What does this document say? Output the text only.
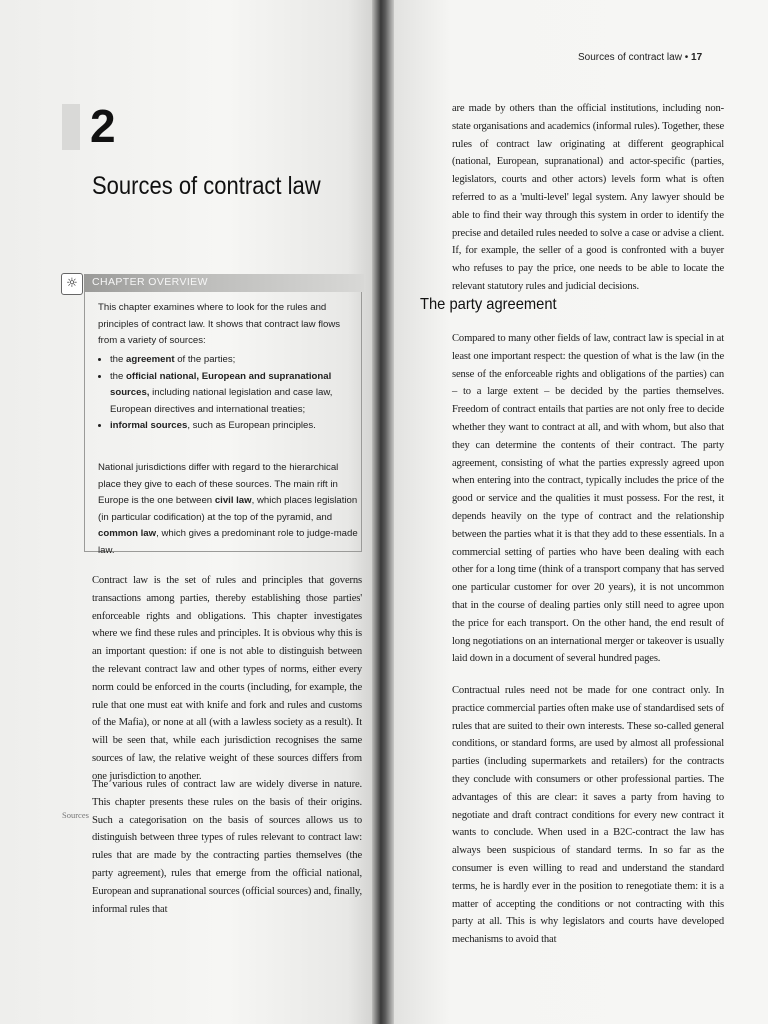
2
Sources of contract law
☼	CHAPTER OVERVIEW

This chapter examines where to look for the rules and principles of contract law. It shows that contract law flows from a variety of sources:

• the agreement of the parties;
• the official national, European and supranational sources, including national legislation and case law, European directives and international treaties;
• informal sources, such as European principles.

National jurisdictions differ with regard to the hierarchical place they give to each of these sources. The main rift in Europe is the one between civil law, which places legislation (in particular codification) at the top of the pyramid, and common law, which gives a predominant role to judge-made law.

Contract law is the set of rules and principles that governs transactions among parties, thereby establishing those parties' enforceable rights and obligations. This chapter investigates where we find these rules and principles. It is obvious why this is an important question: if one is not able to distinguish between the relevant contract law and other types of norms, either every norm could be enforced in the courts (including, for example, the rule that one must eat with knife and fork and rules and customs of the Mafia), or none at all (with a lawless society as a result). It will be seen that, while each jurisdiction recognises the same sources of law, the relative weight of these sources differs from one jurisdiction to another.

Sources

The various rules of contract law are widely diverse in nature. This chapter presents these rules on the basis of their origins. Such a categorisation on the basis of sources allows us to distinguish between three types of rules relevant to contract law: rules that are made by the contracting parties themselves (the party agreement), rules that emerge from the official national, European and supranational sources (official sources) and, finally, informal rules that

Sources of contract law • 17

are made by others than the official institutions, including non-state organisations and academics (informal rules). Together, these rules of contract law originating at different geographical (national, European, supranational) and actor-specific (parties, legislators, courts and other actors) levels form what is often referred to as a 'multi-level' legal system. Any lawyer should be able to find their way through this system in order to identify the precise and detailed rules needed to solve a case or advise a client. If, for example, the seller of a good is confronted with a buyer who refuses to pay the price, one needs to be able to locate the relevant statutory rules and judicial decisions.

The party agreement

Compared to many other fields of law, contract law is special in at least one important respect: the question of what is the law (in the sense of the enforceable rights and obligations of the parties) can – to a large extent – be decided by the parties themselves. Freedom of contract entails that parties are not only free to decide whether they want to contract at all, and with whom, but also that they can determine the contents of their contract. The party agreement, consisting of what the parties expressly agreed upon when entering into the contract, typically includes the price of the good or service and the qualities it must possess. For the rest, it depends heavily on the type of contract and the relationship between the parties what it is that they add to these essentials. In a commercial setting of parties who have been dealing with each other for a long time (think of a transport company that has served one particular customer for over 20 years), it is not uncommon that in the course of dealing parties only still need to agree upon the price for each transport. On the other hand, the end result of long negotiations on an international merger or takeover is usually laid down in a document of several hundred pages.

Contractual rules need not be made for one contract only. In practice commercial parties often make use of standardised sets of rules that are suited to their own interests. These so-called general conditions, or standard forms, are used by almost all professional parties (including supermarkets and retailers) for the contracts they conclude with consumers or other professional parties. The advantages of this are clear: it saves a party from having to negotiate and draft contract conditions for every new contract it wants to conclude. When used in a B2C-contract the law has always been suspicious of standard terms. In so far as the consumer is even willing to read and understand the standard terms, he is hardly ever in the position to renegotiate them: it is a matter of accepting the conditions or not contracting with this party at all. This is why legislators and courts have developed mechanisms to avoid that
